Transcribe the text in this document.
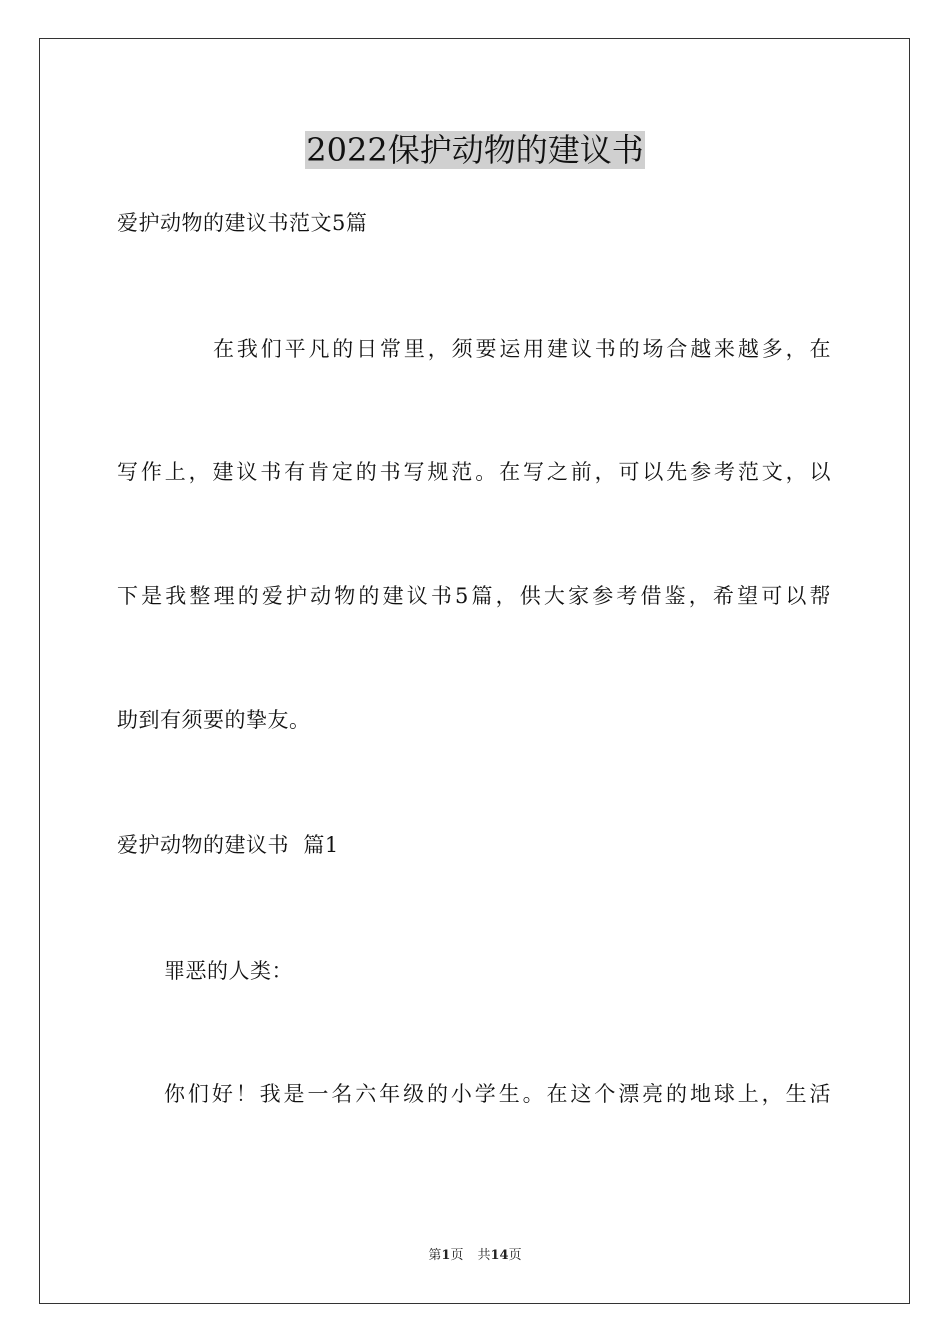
2022保护动物的建议书
爱护动物的建议书范文5篇
在我们平凡的日常里，须要运用建议书的场合越来越多，在
写作上，建议书有肯定的书写规范。在写之前，可以先参考范文，以
下是我整理的爱护动物的建议书5篇，供大家参考借鉴，希望可以帮
助到有须要的挚友。
爱护动物的建议书  篇1
罪恶的人类：
你们好！我是一名六年级的小学生。在这个漂亮的地球上，生活
第1页 共14页
